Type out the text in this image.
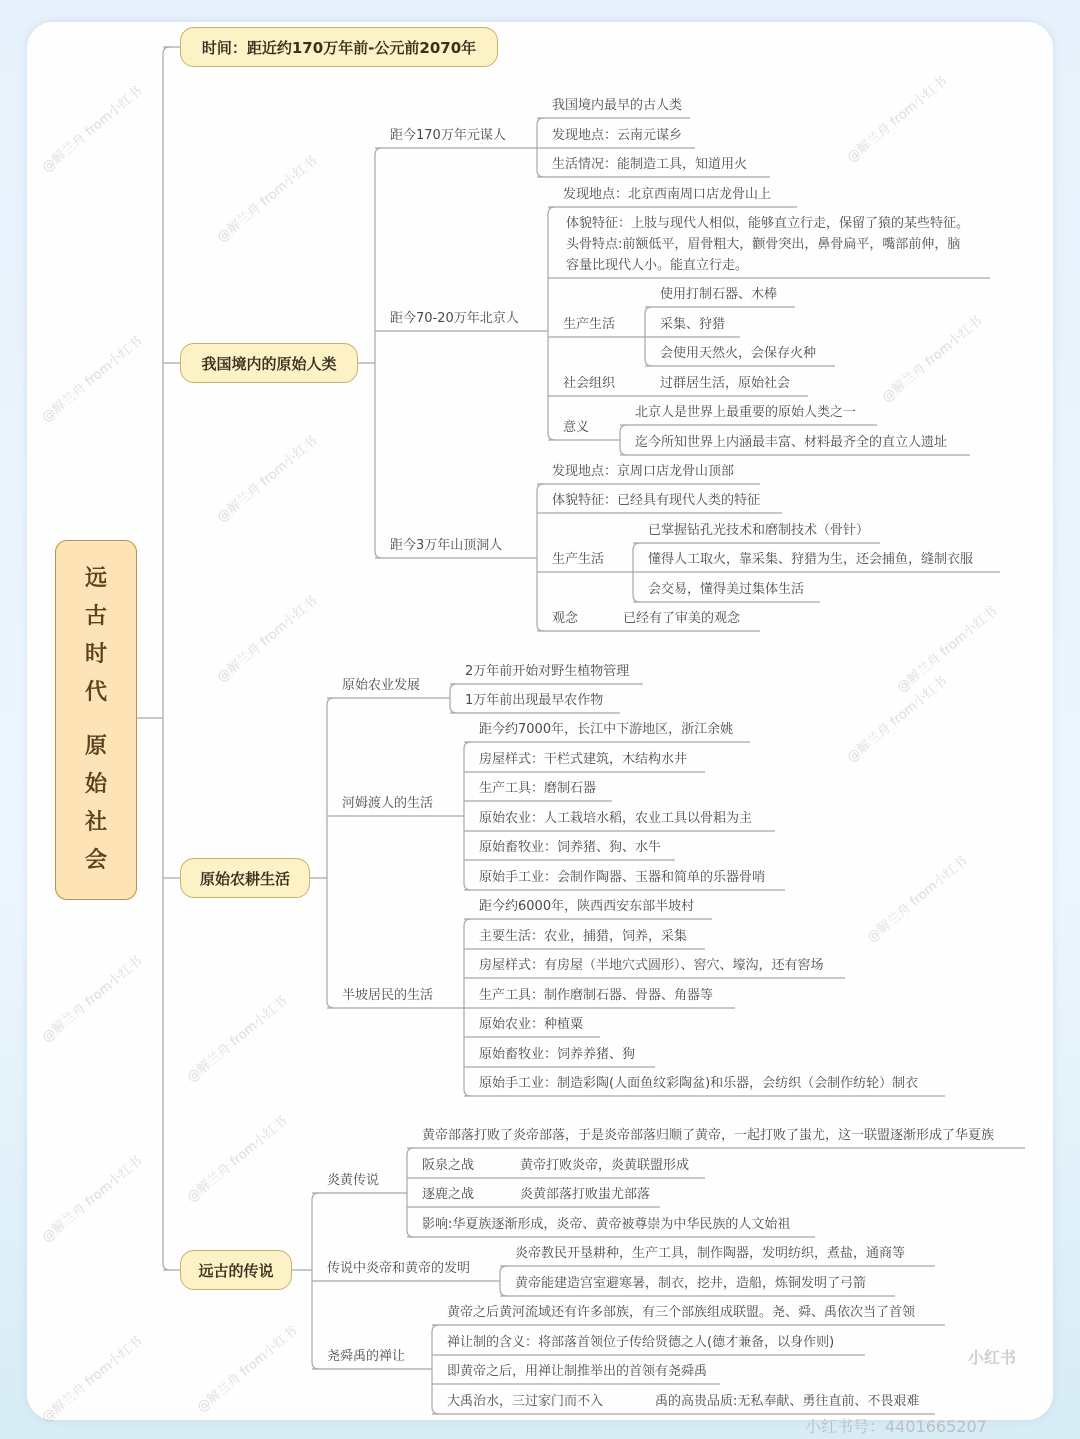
远古时代
原始社会
时间：距近约170万年前-公元前2070年
我国境内的原始人类
原始农耕生活
远古的传说
距今170万年元谋人
距今70-20万年北京人
距今3万年山顶洞人
我国境内最早的古人类
发现地点：云南元谋乡
生活情况：能制造工具，知道用火
发现地点：北京西南周口店龙骨山上
体貌特征：上肢与现代人相似，能够直立行走，保留了猿的某些特征。
头骨特点:前额低平，眉骨粗大，颧骨突出，鼻骨扁平，嘴部前伸，脑
容量比现代人小。能直立行走。
生产生活
使用打制石器、木棒
采集、狩猎
会使用天然火，会保存火种
社会组织	过群居生活，原始社会
意义
北京人是世界上最重要的原始人类之一
迄今所知世界上内涵最丰富、材料最齐全的直立人遗址
发现地点：京周口店龙骨山顶部
体貌特征：已经具有现代人类的特征
生产生活
已掌握钻孔光技术和磨制技术（骨针）
懂得人工取火，靠采集、狩猎为生，还会捕鱼，缝制衣服
会交易，懂得美过集体生活
观念	已经有了审美的观念
原始农业发展
河姆渡人的生活
半坡居民的生活
2万年前开始对野生植物管理
1万年前出现最早农作物
距今约7000年，长江中下游地区，浙江余姚
房屋样式：干栏式建筑，木结构水井
生产工具：磨制石器
原始农业：人工栽培水稻，农业工具以骨耜为主
原始畜牧业：饲养猪、狗、水牛
原始手工业：会制作陶器、玉器和简单的乐器骨哨
距今约6000年，陕西西安东部半坡村
主要生活：农业，捕猎，饲养，采集
房屋样式：有房屋（半地穴式圆形）、窖穴、壕沟，还有窖场
生产工具：制作磨制石器、骨器、角器等
原始农业：种植粟
原始畜牧业：饲养养猪、狗
原始手工业：制造彩陶(人面鱼纹彩陶盆)和乐器，会纺织（会制作纺轮）制衣
炎黄传说
传说中炎帝和黄帝的发明
尧舜禹的禅让
黄帝部落打败了炎帝部落，于是炎帝部落归顺了黄帝，一起打败了蚩尤，这一联盟逐渐形成了华夏族
阪泉之战
逐鹿之战
影响:华夏族逐渐形成，炎帝、黄帝被尊崇为中华民族的人文始祖
黄帝打败炎帝，炎黄联盟形成
炎黄部落打败蚩尤部落
炎帝教民开垦耕种，生产工具，制作陶器，发明纺织，煮盐，通商等
黄帝能建造宫室避寒暑，制衣，挖井，造船，炼铜发明了弓箭
黄帝之后黄河流域还有许多部族，有三个部族组成联盟。尧、舜、禹依次当了首领
禅让制的含义：将部落首领位子传给贤德之人(德才兼备，以身作则)
即黄帝之后，用禅让制推举出的首领有尧舜禹
大禹治水，三过家门而不入	禹的高贵品质:无私奉献、勇往直前、不畏艰难
@解兰舟 from小红书
@解兰舟 from小红书
@解兰舟 from小红书
@解兰舟 from小红书
@解兰舟 from小红书
@解兰舟 from小红书
@解兰舟 from小红书	@解兰舟 from小红书
@解兰舟 from小红书
@解兰舟 from小红书
@解兰舟 from小红书	@解兰舟 from小红书
@解兰舟 from小红书
@解兰舟 from小红书
@解兰舟 from小红书	@解兰舟 from小红书	小红书
小红书号：4401665207
